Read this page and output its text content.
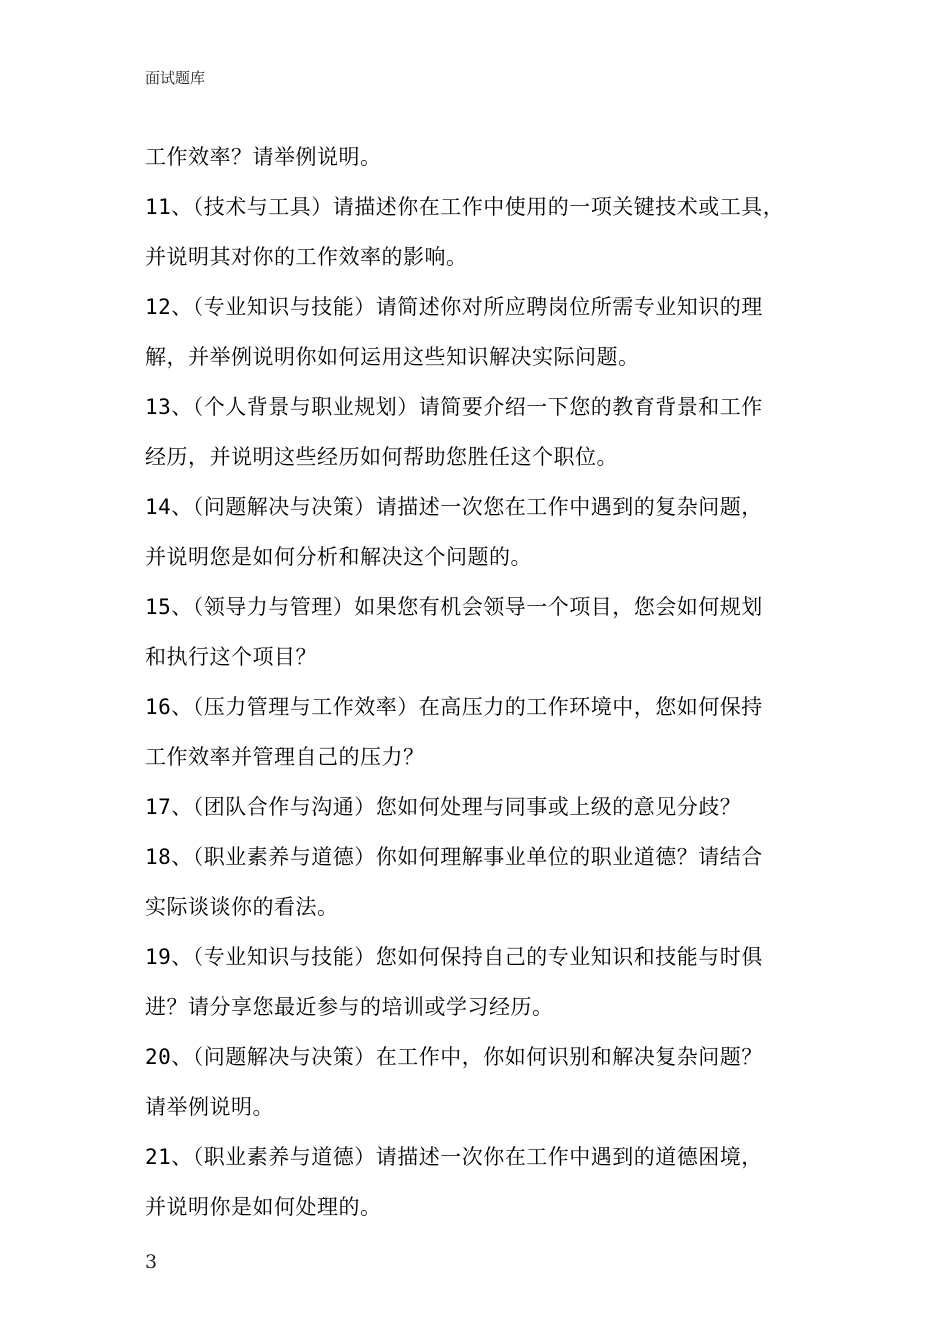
面试题库
工作效率？请举例说明。
11、（技术与工具）请描述你在工作中使用的一项关键技术或工具，
并说明其对你的工作效率的影响。
12、（专业知识与技能）请简述你对所应聘岗位所需专业知识的理
解，并举例说明你如何运用这些知识解决实际问题。
13、（个人背景与职业规划）请简要介绍一下您的教育背景和工作
经历，并说明这些经历如何帮助您胜任这个职位。
14、（问题解决与决策）请描述一次您在工作中遇到的复杂问题，
并说明您是如何分析和解决这个问题的。
15、（领导力与管理）如果您有机会领导一个项目，您会如何规划
和执行这个项目？
16、（压力管理与工作效率）在高压力的工作环境中，您如何保持
工作效率并管理自己的压力？
17、（团队合作与沟通）您如何处理与同事或上级的意见分歧？
18、（职业素养与道德）你如何理解事业单位的职业道德？请结合
实际谈谈你的看法。
19、（专业知识与技能）您如何保持自己的专业知识和技能与时俱
进？请分享您最近参与的培训或学习经历。
20、（问题解决与决策）在工作中，你如何识别和解决复杂问题？
请举例说明。
21、（职业素养与道德）请描述一次你在工作中遇到的道德困境，
并说明你是如何处理的。
3
